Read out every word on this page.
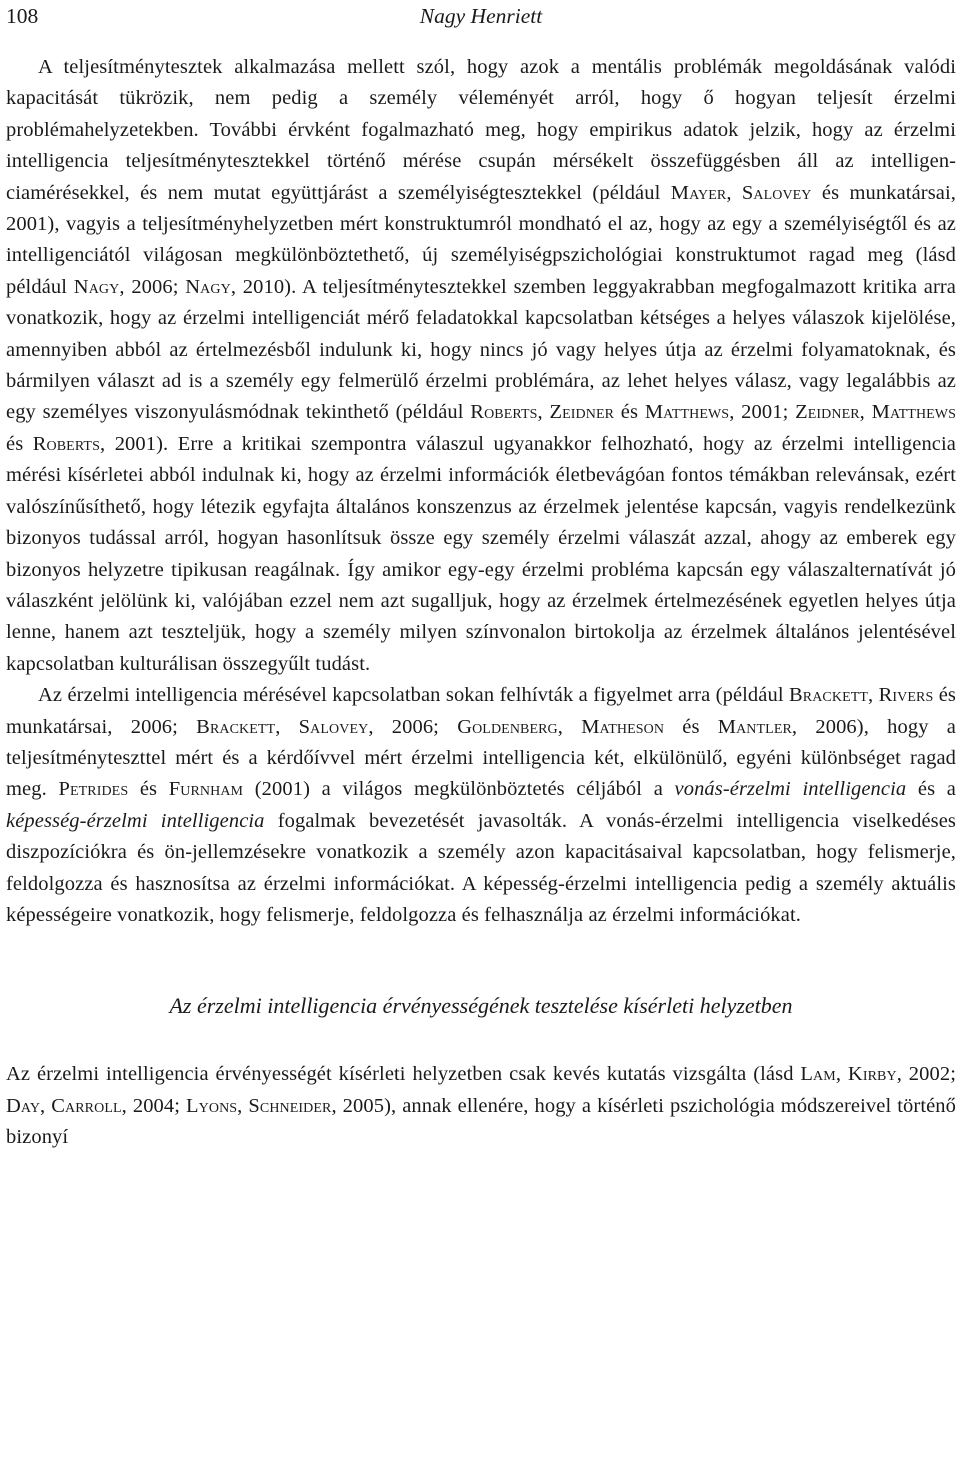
108	Nagy Henriett

A teljesítménytesztek alkalmazása mellett szól, hogy azok a mentális problémák megoldásának valódi kapacitását tükrözik, nem pedig a személy véleményét arról, hogy ő hogyan teljesít érzelmi problémahelyzetekben. További érvként fogalmazható meg, hogy empirikus adatok jelzik, hogy az érzelmi intelligencia teljesítménytesztekkel történő mérése csupán mérsékelt összefüggésben áll az intelligenciamérésekkel, és nem mutat együttjárást a személyiségtesztekkel (például Mayer, Salovey és munkatársai, 2001), vagyis a teljesítményhelyzetben mért konstruktumról mondható el az, hogy az egy a személyiségtől és az intelligenciától világosan megkülönböztethető, új személyiségpszichológiai konstruktumot ragad meg (lásd például Nagy, 2006; Nagy, 2010). A teljesítménytesztekkel szemben leggyakrabban megfogalmazott kritika arra vonatkozik, hogy az érzelmi intelligenciát mérő feladatokkal kapcsolatban kétséges a helyes válaszok kijelölése, amennyiben abból az értelmezésből indulunk ki, hogy nincs jó vagy helyes útja az érzelmi folyamatoknak, és bármilyen választ ad is a személy egy felmerülő érzelmi problémára, az lehet helyes válasz, vagy legalábbis az egy személyes viszonyulásmódnak tekinthető (például Roberts, Zeidner és Matthews, 2001; Zeidner, Matthews és Roberts, 2001). Erre a kritikai szempontra válaszul ugyanakkor felhozható, hogy az érzelmi intelligencia mérési kísérletei abból indulnak ki, hogy az érzelmi információk életbevágóan fontos témákban relevánsak, ezért valószínűsíthető, hogy létezik egyfajta általános konszenzus az érzelmek jelentése kapcsán, vagyis rendelkezünk bizonyos tudással arról, hogyan hasonlítsuk össze egy személy érzelmi válaszát azzal, ahogy az emberek egy bizonyos helyzetre tipikusan reagálnak. Így amikor egy-egy érzelmi probléma kapcsán egy válaszalternatívát jó válaszként jelölünk ki, valójában ezzel nem azt sugalljuk, hogy az érzelmek értelmezésének egyetlen helyes útja lenne, hanem azt teszteljük, hogy a személy milyen színvonalon birtokolja az érzelmek általános jelentésével kapcsolatban kulturálisan összegyűlt tudást.

Az érzelmi intelligencia mérésével kapcsolatban sokan felhívták a figyelmet arra (például Brackett, Rivers és munkatársai, 2006; Brackett, Salovey, 2006; Goldenberg, Matheson és Mantler, 2006), hogy a teljesítményteszttel mért és a kérdőívvel mért érzelmi intelligencia két, elkülönülő, egyéni különbséget ragad meg. Petrides és Furnham (2001) a világos megkülönböztetés céljából a vonás-érzelmi intelligencia és a képesség-érzelmi intelligencia fogalmak bevezetését javasolták. A vonás-érzelmi intelligencia viselkedéses diszpozíciókra és ön-jellemzésekre vonatkozik a személy azon kapacitásaival kapcsolatban, hogy felismerje, feldolgozza és hasznosítsa az érzelmi információkat. A képesség-érzelmi intelligencia pedig a személy aktuális képességeire vonatkozik, hogy felismerje, feldolgozza és felhasználja az érzelmi információkat.

Az érzelmi intelligencia érvényességének tesztelése kísérleti helyzetben

Az érzelmi intelligencia érvényességét kísérleti helyzetben csak kevés kutatás vizsgálta (lásd Lam, Kirby, 2002; Day, Carroll, 2004; Lyons, Schneider, 2005), annak ellenére, hogy a kísérleti pszichológia módszereivel történő bizonyí
